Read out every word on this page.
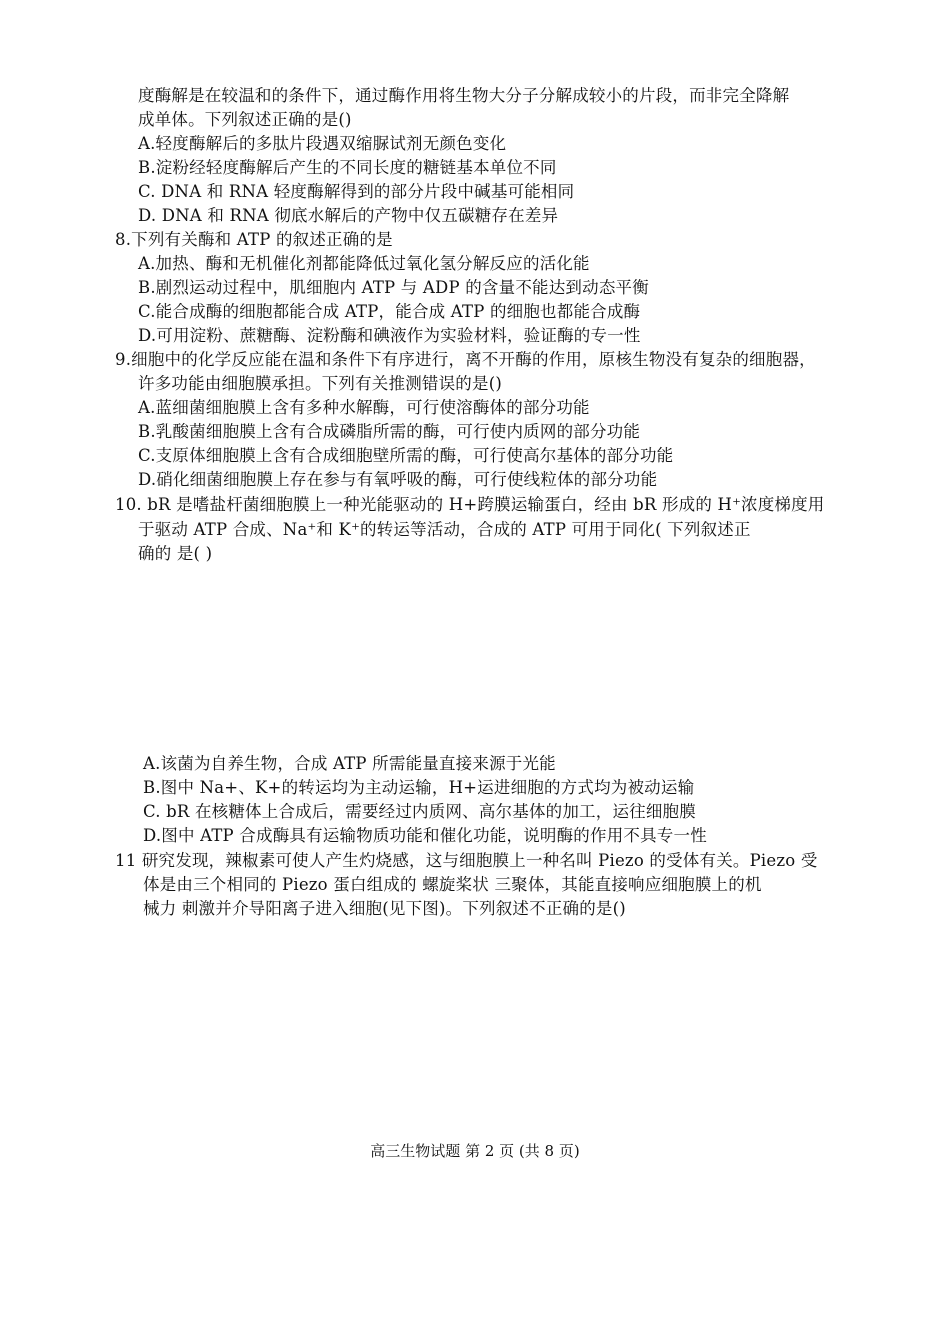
度酶解是在较温和的条件下，通过酶作用将生物大分子分解成较小的片段，而非完全降解
成单体。下列叙述正确的是()
A.轻度酶解后的多肽片段遇双缩脲试剂无颜色变化
B.淀粉经轻度酶解后产生的不同长度的糖链基本单位不同
C. DNA 和 RNA 轻度酶解得到的部分片段中碱基可能相同
D. DNA 和 RNA 彻底水解后的产物中仅五碳糖存在差异
8.下列有关酶和 ATP 的叙述正确的是
A.加热、酶和无机催化剂都能降低过氧化氢分解反应的活化能
B.剧烈运动过程中，肌细胞内 ATP 与 ADP 的含量不能达到动态平衡
C.能合成酶的细胞都能合成 ATP，能合成 ATP 的细胞也都能合成酶
D.可用淀粉、蔗糖酶、淀粉酶和碘液作为实验材料，验证酶的专一性
9.细胞中的化学反应能在温和条件下有序进行，离不开酶的作用，原核生物没有复杂的细胞器，
许多功能由细胞膜承担。下列有关推测错误的是()
A.蓝细菌细胞膜上含有多种水解酶，可行使溶酶体的部分功能
B.乳酸菌细胞膜上含有合成磷脂所需的酶，可行使内质网的部分功能
C.支原体细胞膜上含有合成细胞壁所需的酶，可行使高尔基体的部分功能
D.硝化细菌细胞膜上存在参与有氧呼吸的酶，可行使线粒体的部分功能
10. bR 是嗜盐杆菌细胞膜上一种光能驱动的 H+跨膜运输蛋白，经由 bR 形成的 H⁺浓度梯度用
于驱动 ATP 合成、Na⁺和 K⁺的转运等活动，合成的 ATP 可用于同化( 下列叙述正
确的 是( )
A.该菌为自养生物，合成 ATP 所需能量直接来源于光能
B.图中 Na+、K+的转运均为主动运输，H+运进细胞的方式均为被动运输
C. bR 在核糖体上合成后，需要经过内质网、高尔基体的加工，运往细胞膜
D.图中 ATP 合成酶具有运输物质功能和催化功能，说明酶的作用不具专一性
11 研究发现，辣椒素可使人产生灼烧感，这与细胞膜上一种名叫 Piezo 的受体有关。Piezo 受
体是由三个相同的 Piezo 蛋白组成的 螺旋桨状 三聚体，其能直接响应细胞膜上的机
械力 刺激并介导阳离子进入细胞(见下图)。下列叙述不正确的是()
高三生物试题 第 2 页 (共 8 页)
